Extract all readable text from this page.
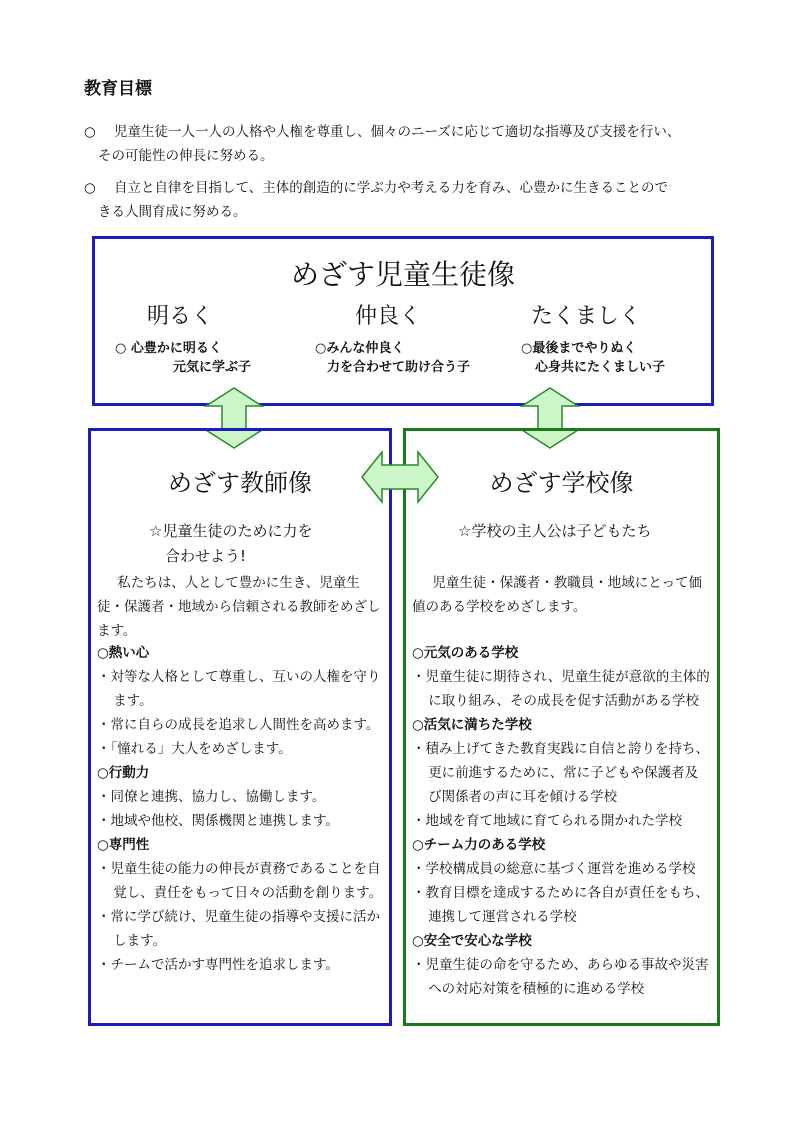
教育目標
○ 児童生徒一人一人の人格や人権を尊重し、個々のニーズに応じて適切な指導及び支援を行い、
その可能性の伸長に努める。
○ 自立と自律を目指して、主体的創造的に学ぶ力や考える力を育み、心豊かに生きることので
きる人間育成に努める。
めざす児童生徒像
明るく	仲良く	たくましく
○ 心豊かに明るく
元気に学ぶ子
○みんな仲良く
力を合わせて助け合う子
○最後までやりぬく
心身共にたくましい子
めざす教師像
☆児童生徒のために力を
合わせよう!
私たちは、人として豊かに生き、児童生徒・保護者・地域から信頼される教師をめざします。
○熱い心
・対等な人格として尊重し、互いの人権を守ります。
・常に自らの成長を追求し人間性を高めます。
・「憧れる」大人をめざします。
○行動力
・同僚と連携、協力し、協働します。
・地域や他校、関係機関と連携します。
○専門性
・児童生徒の能力の伸長が責務であることを自覚し、責任をもって日々の活動を創ります。
・常に学び続け、児童生徒の指導や支援に活かします。
・チームで活かす専門性を追求します。
めざす学校像
☆学校の主人公は子どもたち
児童生徒・保護者・教職員・地域にとって価値のある学校をめざします。
○元気のある学校
・児童生徒に期待され、児童生徒が意欲的主体的に取り組み、その成長を促す活動がある学校
○活気に満ちた学校
・積み上げてきた教育実践に自信と誇りを持ち、更に前進するために、常に子どもや保護者及び関係者の声に耳を傾ける学校
・地域を育て地域に育てられる開かれた学校
○チーム力のある学校
・学校構成員の総意に基づく運営を進める学校
・教育目標を達成するために各自が責任をもち、連携して運営される学校
○安全で安心な学校
・児童生徒の命を守るため、あらゆる事故や災害への対応対策を積極的に進める学校
